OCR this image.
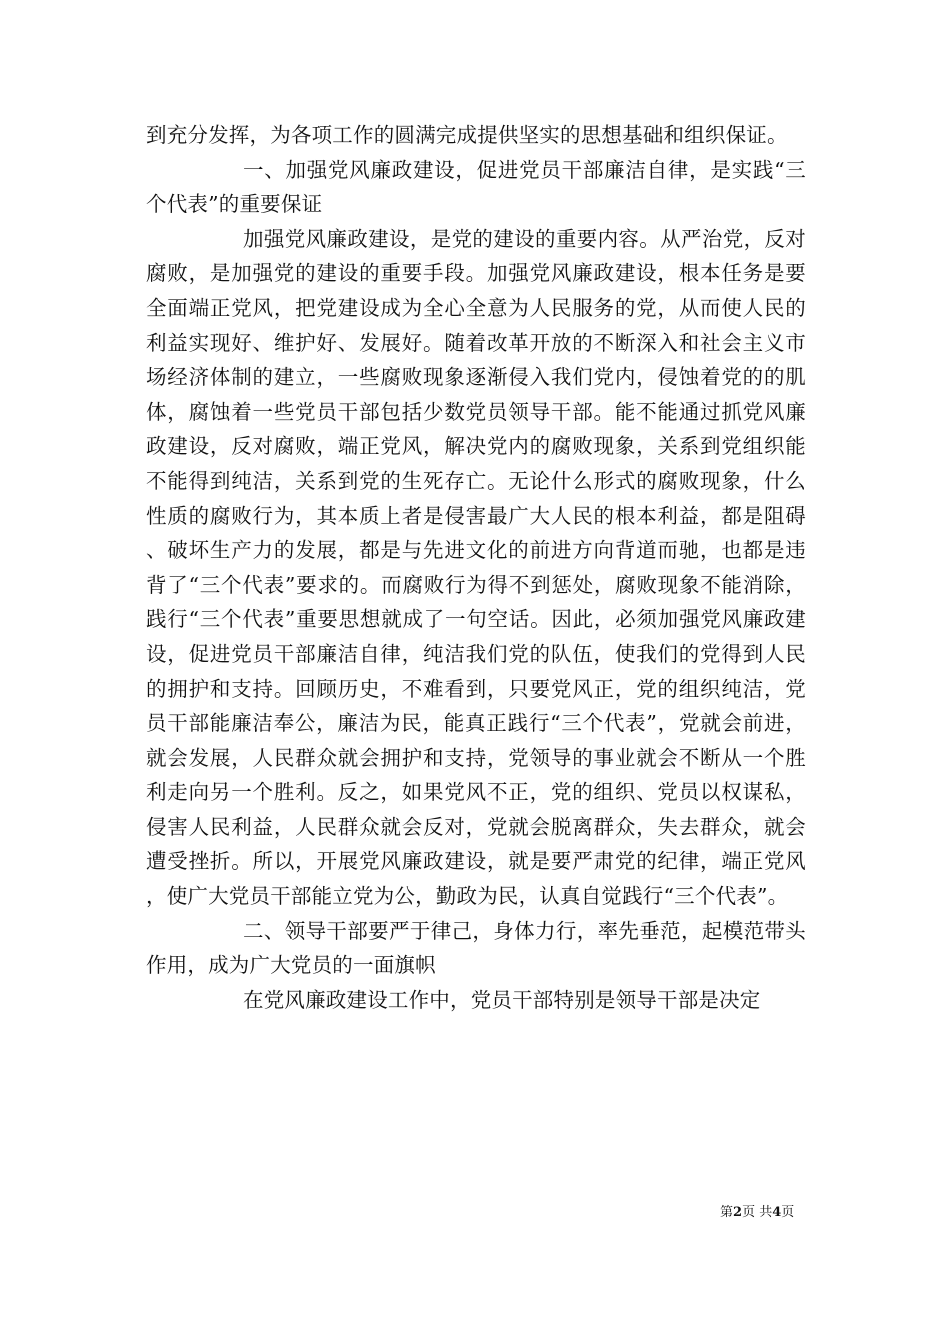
到充分发挥，为各项工作的圆满完成提供坚实的思想基础和组织保证。

一、加强党风廉政建设，促进党员干部廉洁自律，是实践“三个代表”的重要保证

加强党风廉政建设，是党的建设的重要内容。从严治党，反对腐败，是加强党的建设的重要手段。加强党风廉政建设，根本任务是要全面端正党风，把党建设成为全心全意为人民服务的党，从而使人民的利益实现好、维护好、发展好。随着改革开放的不断深入和社会主义市场经济体制的建立，一些腐败现象逐渐侵入我们党内，侵蚀着党的的肌体，腐蚀着一些党员干部包括少数党员领导干部。能不能通过抓党风廉政建设，反对腐败，端正党风，解决党内的腐败现象，关系到党组织能不能得到纯洁，关系到党的生死存亡。无论什么形式的腐败现象，什么性质的腐败行为，其本质上者是侵害最广大人民的根本利益，都是阻碍、破坏生产力的发展，都是与先进文化的前进方向背道而驰，也都是违背了“三个代表”要求的。而腐败行为得不到惩处，腐败现象不能消除，践行“三个代表”重要思想就成了一句空话。因此，必须加强党风廉政建设，促进党员干部廉洁自律，纯洁我们党的队伍，使我们的党得到人民的拥护和支持。回顾历史，不难看到，只要党风正，党的组织纯洁，党员干部能廉洁奉公，廉洁为民，能真正践行“三个代表”，党就会前进，就会发展，人民群众就会拥护和支持，党领导的事业就会不断从一个胜利走向另一个胜利。反之，如果党风不正，党的组织、党员以权谋私，侵害人民利益，人民群众就会反对，党就会脱离群众，失去群众，就会遭受挫折。所以，开展党风廉政建设，就是要严肃党的纪律，端正党风，使广大党员干部能立党为公，勤政为民，认真自觉践行“三个代表”。

二、领导干部要严于律己，身体力行，率先垂范，起模范带头作用，成为广大党员的一面旗帜

在党风廉政建设工作中，党员干部特别是领导干部是决定

第2页 共4页
